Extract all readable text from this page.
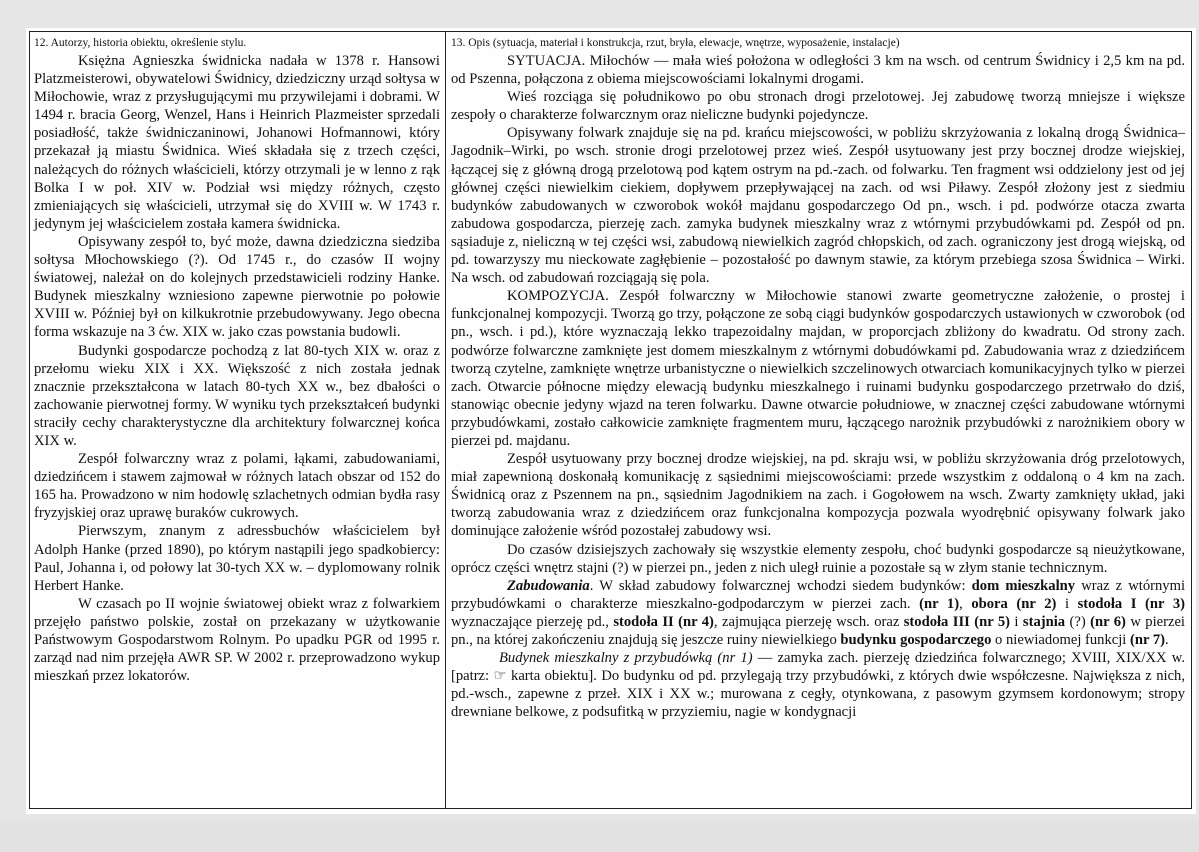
12. Autorzy, historia obiektu, określenie stylu.

Księżna Agnieszka świdnicka nadała w 1378 r. Hansowi Platzmeisterowi, obywatelowi Świdnicy, dziedziczny urząd sołtysa w Miłochowie, wraz z przysługującymi mu przywilejami i dobrami. W 1494 r. bracia Georg, Wenzel, Hans i Heinrich Plazmeister sprzedali posiadłość, także świdniczaninowi, Johanowi Hofmannowi, który przekazał ją miastu Świdnica. Wieś składała się z trzech części, należących do różnych właścicieli, którzy otrzymali je w lenno z rąk Bolka I w poł. XIV w. Podział wsi między różnych, często zmieniających się właścicieli, utrzymał się do XVIII w. W 1743 r. jedynym jej właścicielem została kamera świdnicka.

Opisywany zespół to, być może, dawna dziedziczna siedziba sołtysa Młochowskiego (?). Od 1745 r., do czasów II wojny światowej, należał on do kolejnych przedstawicieli rodziny Hanke. Budynek mieszkalny wzniesiono zapewne pierwotnie po połowie XVIII w. Później był on kilkukrotnie przebudowywany. Jego obecna forma wskazuje na 3 ćw. XIX w. jako czas powstania budowli.

Budynki gospodarcze pochodzą z lat 80-tych XIX w. oraz z przełomu wieku XIX i XX. Większość z nich została jednak znacznie przekształcona w latach 80-tych XX w., bez dbałości o zachowanie pierwotnej formy. W wyniku tych przekształceń budynki straciły cechy charakterystyczne dla architektury folwarcznej końca XIX w.

Zespół folwarczny wraz z polami, łąkami, zabudowaniami, dziedzińcem i stawem zajmował w różnych latach obszar od 152 do 165 ha. Prowadzono w nim hodowlę szlachetnych odmian bydła rasy fryzyjskiej oraz uprawę buraków cukrowych.

Pierwszym, znanym z adressbuchów właścicielem był Adolph Hanke (przed 1890), po którym nastąpili jego spadkobiercy: Paul, Johanna i, od połowy lat 30-tych XX w. – dyplomowany rolnik Herbert Hanke.

W czasach po II wojnie światowej obiekt wraz z folwarkiem przejęło państwo polskie, został on przekazany w użytkowanie Państwowym Gospodarstwom Rolnym. Po upadku PGR od 1995 r. zarząd nad nim przejęła AWR SP. W 2002 r. przeprowadzono wykup mieszkań przez lokatorów.

13. Opis (sytuacja, materiał i konstrukcja, rzut, bryła, elewacje, wnętrze, wyposażenie, instalacje)

SYTUACJA. Miłochów — mała wieś położona w odległości 3 km na wsch. od centrum Świdnicy i 2,5 km na pd. od Pszenna, połączona z obiema miejscowościami lokalnymi drogami.

Wieś rozciąga się południkowo po obu stronach drogi przelotowej. Jej zabudowę tworzą mniejsze i większe zespoły o charakterze folwarcznym oraz nieliczne budynki pojedyncze.

Opisywany folwark znajduje się na pd. krańcu miejscowości, w pobliżu skrzyżowania z lokalną drogą Świdnica–Jagodnik–Wirki, po wsch. stronie drogi przelotowej przez wieś. Zespół usytuowany jest przy bocznej drodze wiejskiej, łączącej się z główną drogą przelotową pod kątem ostrym na pd.-zach. od folwarku. Ten fragment wsi oddzielony jest od jej głównej części niewielkim ciekiem, dopływem przepływającej na zach. od wsi Piławy. Zespół złożony jest z siedmiu budynków zabudowanych w czworobok wokół majdanu gospodarczego Od pn., wsch. i pd. podwórze otacza zwarta zabudowa gospodarcza, pierzeję zach. zamyka budynek mieszkalny wraz z wtórnymi przybudówkami pd. Zespół od pn. sąsiaduje z, nieliczną w tej części wsi, zabudową niewielkich zagród chłopskich, od zach. ograniczony jest drogą wiejską, od pd. towarzyszy mu nieckowate zagłębienie – pozostałość po dawnym stawie, za którym przebiega szosa Świdnica – Wirki. Na wsch. od zabudowań rozciągają się pola.

KOMPOZYCJA. Zespół folwarczny w Miłochowie stanowi zwarte geometryczne założenie, o prostej i funkcjonalnej kompozycji. Tworzą go trzy, połączone ze sobą ciągi budynków gospodarczych ustawionych w czworobok (od pn., wsch. i pd.), które wyznaczają lekko trapezoidalny majdan, w proporcjach zbliżony do kwadratu. Od strony zach. podwórze folwarczne zamknięte jest domem mieszkalnym z wtórnymi dobudówkami pd. Zabudowania wraz z dziedzińcem tworzą czytelne, zamknięte wnętrze urbanistyczne o niewielkich szczelinowych otwarciach komunikacyjnych tylko w pierzei zach. Otwarcie północne między elewacją budynku mieszkalnego i ruinami budynku gospodarczego przetrwało do dziś, stanowiąc obecnie jedyny wjazd na teren folwarku. Dawne otwarcie południowe, w znacznej części zabudowane wtórnymi przybudówkami, zostało całkowicie zamknięte fragmentem muru, łączącego narożnik przybudówki z narożnikiem obory w pierzei pd. majdanu.

Zespół usytuowany przy bocznej drodze wiejskiej, na pd. skraju wsi, w pobliżu skrzyżowania dróg przelotowych, miał zapewnioną doskonałą komunikację z sąsiednimi miejscowościami: przede wszystkim z oddaloną o 4 km na zach. Świdnicą oraz z Pszennem na pn., sąsiednim Jagodnikiem na zach. i Gogołowem na wsch. Zwarty zamknięty układ, jaki tworzą zabudowania wraz z dziedzińcem oraz funkcjonalna kompozycja pozwala wyodrębnić opisywany folwark jako dominujące założenie wśród pozostałej zabudowy wsi.

Do czasów dzisiejszych zachowały się wszystkie elementy zespołu, choć budynki gospodarcze są nieużytkowane, oprócz części wnętrz stajni (?) w pierzei pn., jeden z nich uległ ruinie a pozostałe są w złym stanie technicznym.

Zabudowania. W skład zabudowy folwarcznej wchodzi siedem budynków: dom mieszkalny wraz z wtórnymi przybudówkami o charakterze mieszkalno-godpodarczym w pierzei zach. (nr 1), obora (nr 2) i stodoła I (nr 3) wyznaczające pierzeję pd., stodoła II (nr 4), zajmująca pierzeję wsch. oraz stodoła III (nr 5) i stajnia (?) (nr 6) w pierzei pn., na której zakończeniu znajdują się jeszcze ruiny niewielkiego budynku gospodarczego o niewiadomej funkcji (nr 7).

Budynek mieszkalny z przybudówką (nr 1) — zamyka zach. pierzeję dziedzińca folwarcznego; XVIII, XIX/XX w. [patrz: ☞ karta obiektu]. Do budynku od pd. przylegają trzy przybudówki, z których dwie współczesne. Największa z nich, pd.-wsch., zapewne z przeł. XIX i XX w.; murowana z cegły, otynkowana, z pasowym gzymsem kordonowym; stropy drewniane belkowe, z podsufitką w przyziemiu, nagie w kondygnacji
